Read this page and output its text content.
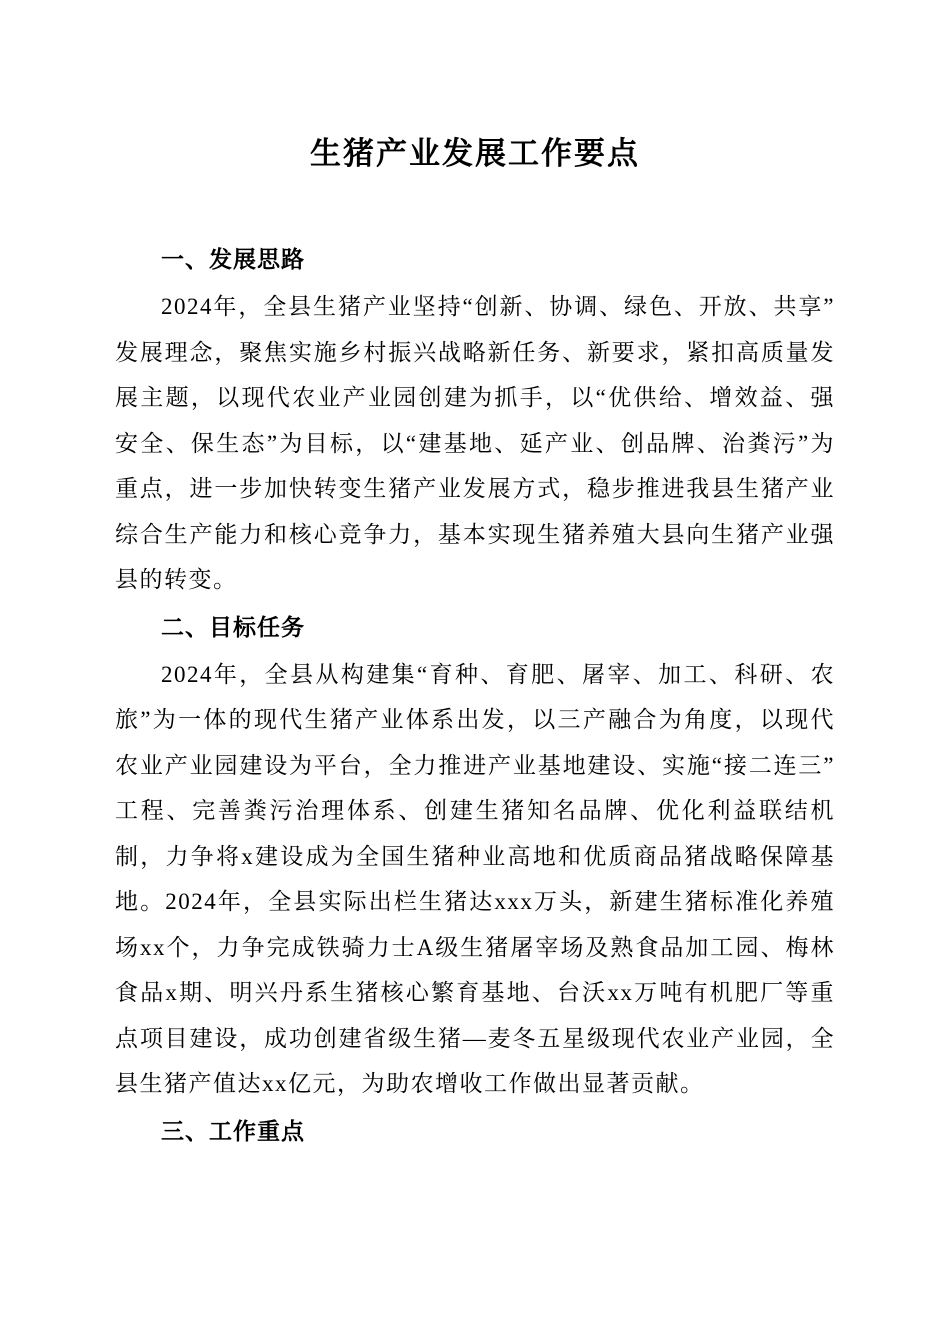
生猪产业发展工作要点
一、发展思路

2024年，全县生猪产业坚持“创新、协调、绿色、开放、共享”发展理念，聚焦实施乡村振兴战略新任务、新要求，紧扣高质量发展主题，以现代农业产业园创建为抓手，以“优供给、增效益、强安全、保生态”为目标，以“建基地、延产业、创品牌、治粪污”为重点，进一步加快转变生猪产业发展方式，稳步推进我县生猪产业综合生产能力和核心竞争力，基本实现生猪养殖大县向生猪产业强县的转变。

二、目标任务

2024年，全县从构建集“育种、育肥、屠宰、加工、科研、农旅”为一体的现代生猪产业体系出发，以三产融合为角度，以现代农业产业园建设为平台，全力推进产业基地建设、实施“接二连三”工程、完善粪污治理体系、创建生猪知名品牌、优化利益联结机制，力争将x建设成为全国生猪种业高地和优质商品猪战略保障基地。2024年，全县实际出栏生猪达xxx万头，新建生猪标准化养殖场xx个，力争完成铁骑力士A级生猪屠宰场及熟食品加工园、梅林食品x期、明兴丹系生猪核心繁育基地、台沃xx万吨有机肥厂等重点项目建设，成功创建省级生猪—麦冬五星级现代农业产业园，全县生猪产值达xx亿元，为助农增收工作做出显著贡献。

三、工作重点
